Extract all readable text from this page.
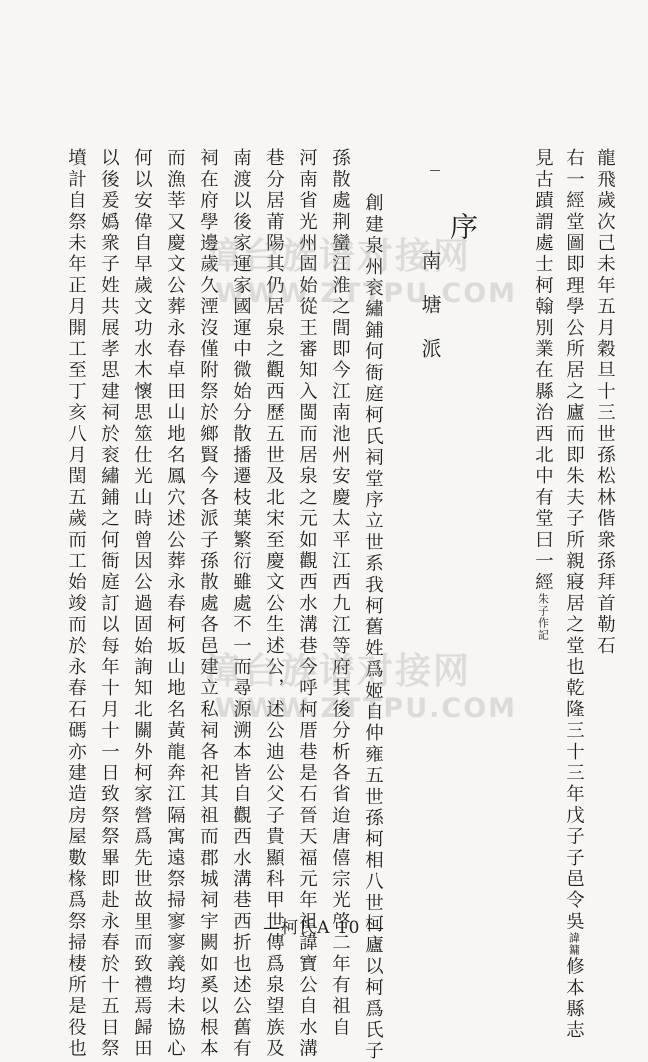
龍飛歲次己未年五月穀旦十三世孫松林偕衆孫拜首勒石
右一經堂圖即理學公所居之廬而即朱夫子所親寢居之堂也乾隆三十三年戊子子邑令吳諱鏞修本縣志
見古蹟謂處士柯翰別業在縣治西北中有堂曰一經朱子作記
序
南塘派
創建泉州衮繡鋪何衙庭柯氏祠堂序立世系我柯舊姓爲姬自仲雍五世孫柯相八世柯廬以柯爲氏子
孫散處荆蠻江淮之間即今江南池州安慶太平江西九江等府其後分析各省迨唐僖宗光啓二年有祖自
河南省光州固始從王審知入閩而居泉之元如觀西水溝巷今呼柯厝巷是石晉天福元年祖諱寶公自水溝
巷分居莆陽其仍居泉之觀西歷五世及北宋至慶文公生述公，述公迪公父子貴顯科甲世傳爲泉望族及
南渡以後家運家國運中微始分散播遷枝葉繁衍雖處不一而尋源溯本皆自觀西水溝巷西折也述公舊有
祠在府學邊歲久湮沒僅附祭於鄉賢今各派子孫散處各邑建立私祠各祀其祖而郡城祠宇闕如奚以根本
而漁莘又慶文公葬永春卓田山地名鳳穴述公葬永春柯坂山地名黃龍奔江隔寓遠祭掃寥寥義均未協心
何以安偉自早歲文功水木懷思筮仕光山時曾因公過固始詢知北關外柯家營爲先世故里而致禮焉歸田
以後爰嬀衆子姓共展孝思建祠於衮繡鋪之何衙庭訂以每年十月十一日致祭祭畢即赴永春於十五日祭
墳計自祭未年正月開工至丁亥八月閏五歲而工始竣而於永春石碼亦建造房屋數椽爲祭掃棲所是役也	漳台族谱对接网
WWW.ZTTPU.COM
漳台族谱对接网
WWW.ZTTPU.COM
—柯氏A 10 —
